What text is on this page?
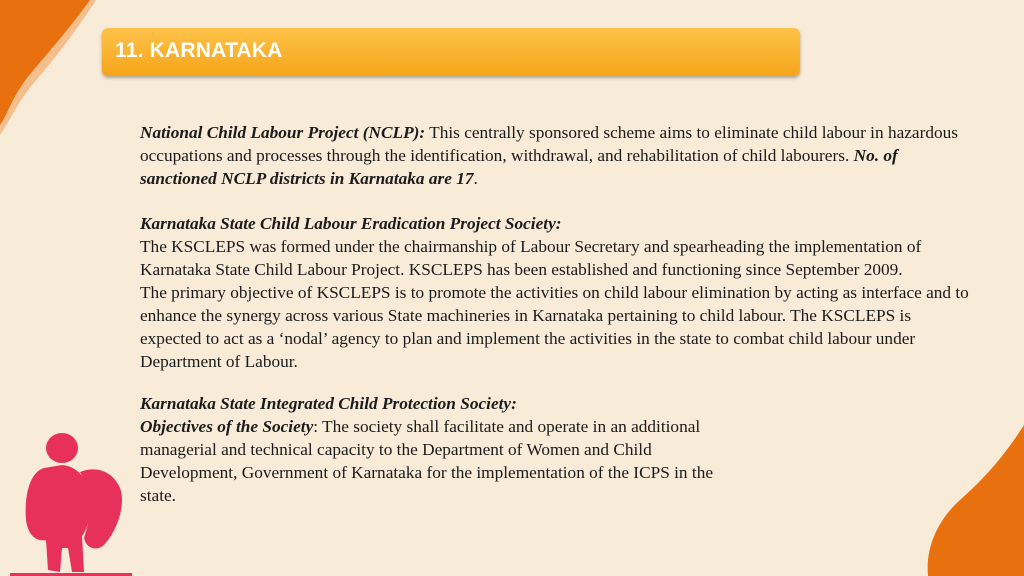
11. KARNATAKA

National Child Labour Project (NCLP): This centrally sponsored scheme aims to eliminate child labour in hazardous occupations and processes through the identification, withdrawal, and rehabilitation of child labourers. No. of sanctioned NCLP districts in Karnataka are 17.

Karnataka State Child Labour Eradication Project Society:

The KSCLEPS was formed under the chairmanship of Labour Secretary and spearheading the implementation of Karnataka State Child Labour Project. KSCLEPS has been established and functioning since September 2009.

The primary objective of KSCLEPS is to promote the activities on child labour elimination by acting as interface and to enhance the synergy across various State machineries in Karnataka pertaining to child labour. The KSCLEPS is expected to act as a ‘nodal’ agency to plan and implement the activities in the state to combat child labour under Department of Labour.

Karnataka State Integrated Child Protection Society:

Objectives of the Society: The society shall facilitate and operate in an additional managerial and technical capacity to the Department of Women and Child Development, Government of Karnataka for the implementation of the ICPS in the state.
